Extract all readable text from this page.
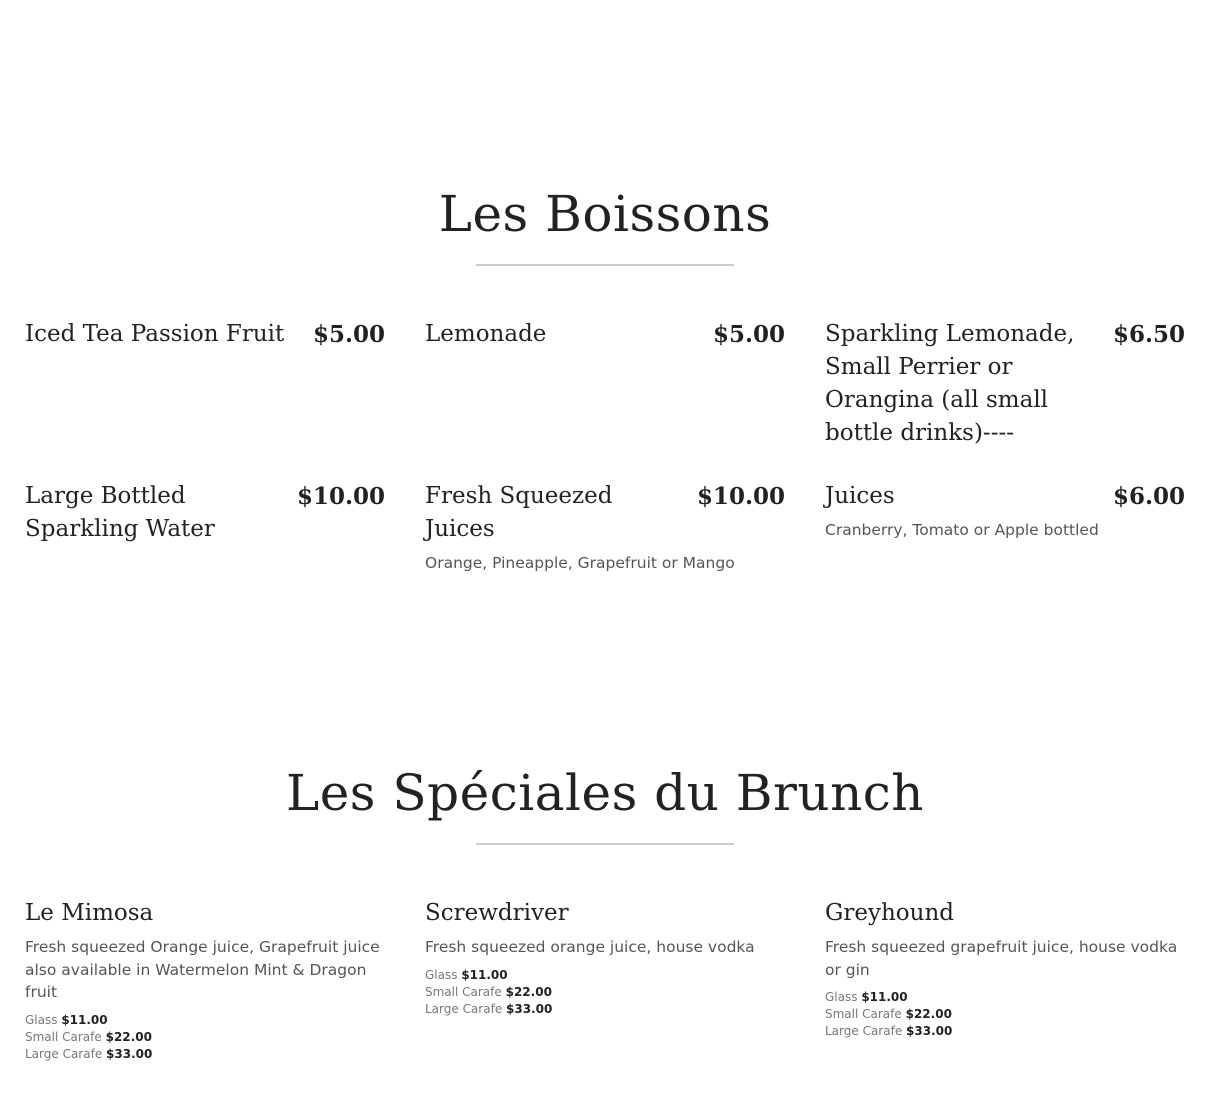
Les Boissons
Iced Tea Passion Fruit	$5.00 Lemonade	$5.00 Sparkling Lemonade, Small Perrier or Orangina (all small bottle drinks)----
$6.50
Large Bottled Sparkling Water
$10.00 Fresh Squeezed Juices
$10.00
Orange, Pineapple, Grapefruit or Mango
Juices	$6.00
Cranberry, Tomato or Apple bottled
Les Spéciales du Brunch
Le Mimosa
Fresh squeezed Orange juice, Grapefruit juice also available in Watermelon Mint & Dragon fruit
Glass $11.00
Small Carafe $22.00
Large Carafe $33.00
Screwdriver
Fresh squeezed orange juice, house vodka
Glass $11.00
Small Carafe $22.00
Large Carafe $33.00
Greyhound
Fresh squeezed grapefruit juice, house vodka or gin
Glass $11.00
Small Carafe $22.00
Large Carafe $33.00
